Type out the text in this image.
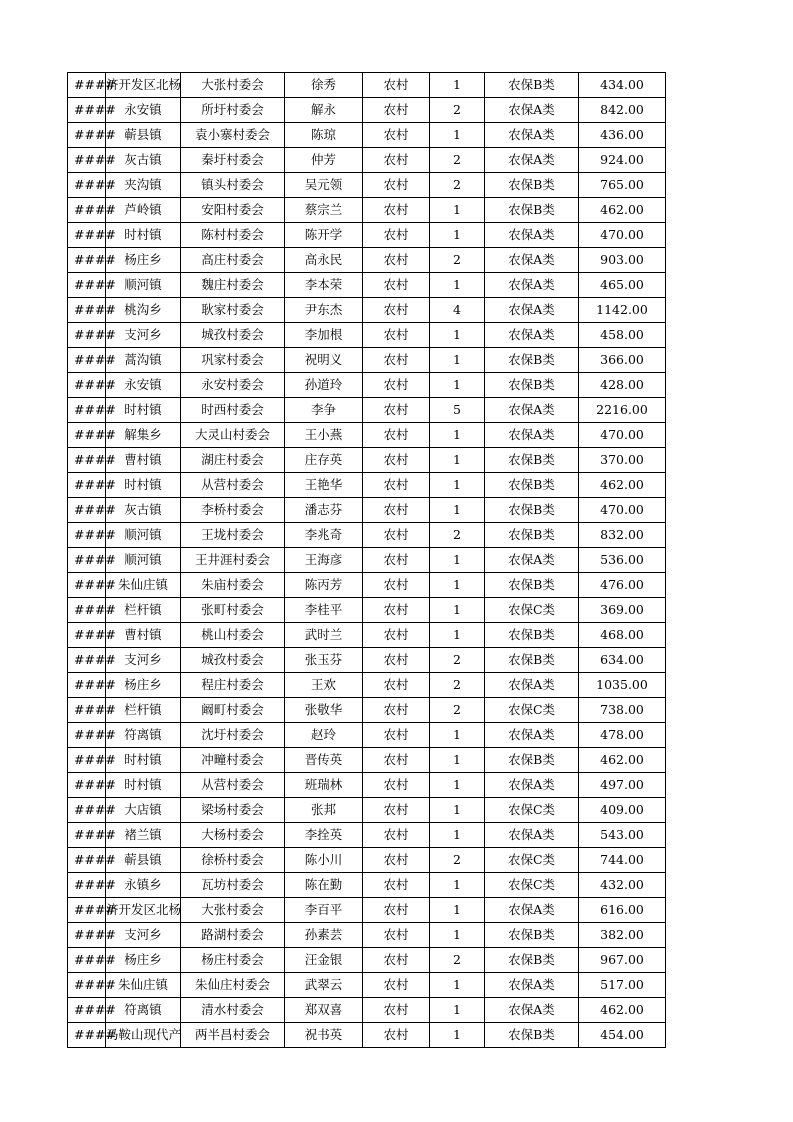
####	济开发区北杨	大张村委会	徐秀	农村	1	农保B类	434.00
####	永安镇	所圩村委会	解永	农村	2	农保A类	842.00
####	蕲县镇	袁小寨村委会	陈琼	农村	1	农保A类	436.00
####	灰古镇	秦圩村委会	仲芳	农村	2	农保A类	924.00
####	夹沟镇	镇头村委会	吴元领	农村	2	农保B类	765.00
####	芦岭镇	安阳村委会	蔡宗兰	农村	1	农保B类	462.00
####	时村镇	陈村村委会	陈开学	农村	1	农保A类	470.00
####	杨庄乡	高庄村委会	高永民	农村	2	农保A类	903.00
####	顺河镇	魏庄村委会	李本荣	农村	1	农保A类	465.00
####	桃沟乡	耿家村委会	尹东杰	农村	4	农保A类	1142.00
####	支河乡	城孜村委会	李加根	农村	1	农保A类	458.00
####	蒿沟镇	巩家村委会	祝明义	农村	1	农保B类	366.00
####	永安镇	永安村委会	孙道玲	农村	1	农保B类	428.00
####	时村镇	时西村委会	李争	农村	5	农保A类	2216.00
####	解集乡	大灵山村委会	王小燕	农村	1	农保A类	470.00
####	曹村镇	湖庄村委会	庄存英	农村	1	农保B类	370.00
####	时村镇	从营村委会	王艳华	农村	1	农保B类	462.00
####	灰古镇	李桥村委会	潘志芬	农村	1	农保B类	470.00
####	顺河镇	王垅村委会	李兆奇	农村	2	农保B类	832.00
####	顺河镇	王井涯村委会	王海彦	农村	1	农保A类	536.00
####	朱仙庄镇	朱庙村委会	陈丙芳	农村	1	农保B类	476.00
####	栏杆镇	张町村委会	李桂平	农村	1	农保C类	369.00
####	曹村镇	桃山村委会	武时兰	农村	1	农保B类	468.00
####	支河乡	城孜村委会	张玉芬	农村	2	农保B类	634.00
####	杨庄乡	程庄村委会	王欢	农村	2	农保A类	1035.00
####	栏杆镇	阚町村委会	张敬华	农村	2	农保C类	738.00
####	符离镇	沈圩村委会	赵玲	农村	1	农保A类	478.00
####	时村镇	冲疃村委会	晋传英	农村	1	农保B类	462.00
####	时村镇	从营村委会	班瑞林	农村	1	农保A类	497.00
####	大店镇	梁场村委会	张邦	农村	1	农保C类	409.00
####	褚兰镇	大杨村委会	李拴英	农村	1	农保A类	543.00
####	蕲县镇	徐桥村委会	陈小川	农村	2	农保C类	744.00
####	永镇乡	瓦坊村委会	陈在勤	农村	1	农保C类	432.00
####	济开发区北杨	大张村委会	李百平	农村	1	农保A类	616.00
####	支河乡	路湖村委会	孙素芸	农村	1	农保B类	382.00
####	杨庄乡	杨庄村委会	汪金银	农村	2	农保B类	967.00
####	朱仙庄镇	朱仙庄村委会	武翠云	农村	1	农保A类	517.00
####	符离镇	清水村委会	郑双喜	农村	1	农保A类	462.00
####	马鞍山现代产	两半昌村委会	祝书英	农村	1	农保B类	454.00
